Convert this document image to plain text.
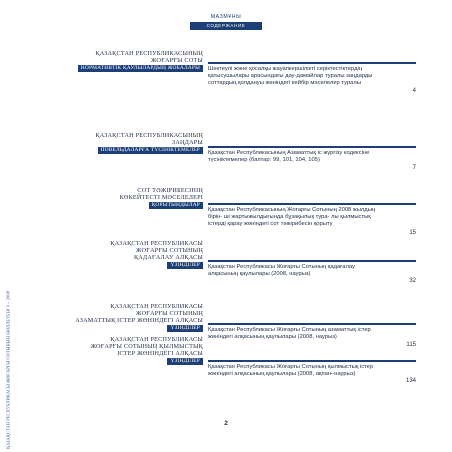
ҚАЗАҚСТАН РЕСПУБЛИКАСЫ ЖОҒАРҒЫ СОТЫНЫҢ БЮЛЛЕТЕНІ 3 – 2008
МАЗМҰНЫ
СОДЕРЖАНИЕ
ҚАЗАҚСТАН РЕСПУБЛИКАСЫНЫҢ
ЖОҒАРҒЫ СОТЫ
НОРМАТИВТІК ҚАУЛЫЛАРДЫҢ ЖОБАЛАРЫ	Шектеулі және қосалқы жауапкершілікті серіктестіктердің қатысушылары арасындағы дау-дамайлар туралы заңдарды соттардың қолдануы жөніндегі кейбір мәселелер туралы
4
ҚАЗАҚСТАН РЕСПУБЛИКАСЫНЫҢ
ЗАҢДАРЫ
ПОВЕЛЬДАЛАРҒА ТҮСІНІКТЕМЕЛЕР	Қазақстан Республикасының Азаматтық іс жүргізу кодексіне түсініктемелер (баптар: 99, 101, 104, 105)
7
СОТ ТӘЖІРИБЕСІНІҢ
КӨКЕЙТЕСТІ МӘСЕЛЕЛЕРІ
ҚОРЫТЫНДЫЛАР
Қазақстан Республикасының Жоғарғы Сотының 2008 жылдың бірін- ші жартыжылдығында бұзақылық тура- лы қылмыстық істерді қарау жөніндегі сот тәжірибесін қорыту
15
ҚАЗАҚСТАН РЕСПУБЛИКАСЫ
ЖОҒАРҒЫ СОТЫНЫҢ
ҚАДАҒАЛАУ АЛҚАСЫ
ҮЗІНДІЛЕР	Қазақстан Республикасы Жоғарғы Сотының қадағалау алқасының қаулылары (2008, наурыз)
32
ҚАЗАҚСТАН РЕСПУБЛИКАСЫ
ЖОҒАРҒЫ СОТЫНЫҢ
АЗАМАТТЫҚ ІСТЕР ЖӨНІНДЕГІ АЛҚАСЫ
ҮЗІНДІЛЕР	Қазақстан Республикасы Жоғарғы Сотының азаматтық істер жөніндегі алқасының қаулылары (2008, наурыз)
115
ҚАЗАҚСТАН РЕСПУБЛИКАСЫ
ЖОҒАРҒЫ СОТЫНЫҢ ҚЫЛМЫСТЫҚ
ІСТЕР ЖӨНІНДЕГІ АЛҚАСЫ
ҮЗІНДІЛЕР
Қазақстан Республикасы Жоғарғы Сотының қылмыстық істер жөніндегі алқасының қаулылары (2008, ақпан–наурыз)
134
2
